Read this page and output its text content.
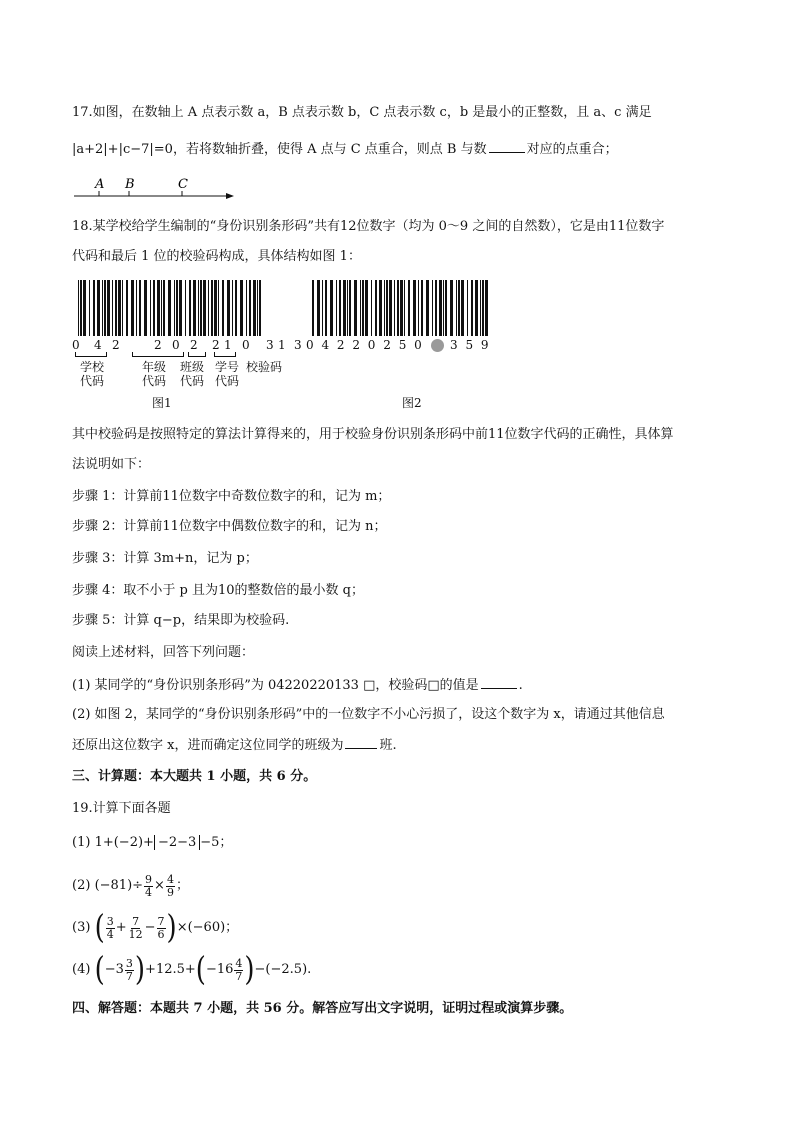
17.如图，在数轴上 A 点表示数 a，B 点表示数 b，C 点表示数 c，b 是最小的正整数，且 a、c 满足
|a+2|+|c−7|=0，若将数轴折叠，使得 A 点与 C 点重合，则点 B 与数	对应的点重合；
A B	C
18.某学校给学生编制的“身份识别条形码”共有12位数字（均为 0～9 之间的自然数），它是由11位数字
代码和最后 1 位的校验码构成，具体结构如图 1：
0 4 2	2 0 2 2 1 0 3 1 3
学校
代码
年级
代码
班级
代码
学号
代码
校验码
图1
0 4 2 2 0 2 5 0 3 5 9
图2
其中校验码是按照特定的算法计算得来的，用于校验身份识别条形码中前11位数字代码的正确性，具体算
法说明如下：
步骤 1：计算前11位数字中奇数位数字的和，记为 m；
步骤 2：计算前11位数字中偶数位数字的和，记为 n；
步骤 3：计算 3m+n，记为 p；
步骤 4：取不小于 p 且为10的整数倍的最小数 q；
步骤 5：计算 q−p，结果即为校验码.
阅读上述材料，回答下列问题：
(1) 某同学的“身份识别条形码”为 04220220133 □，校验码□的值是	.
(2) 如图 2，某同学的“身份识别条形码”中的一位数字不小心污损了，设这个数字为 x，请通过其他信息
还原出这位数字 x，进而确定这位同学的班级为	班.
三、计算题：本大题共 1 小题，共 6 分。
19.计算下面各题
(1) 1+(−2)+ −2−3 −5；
(2)
$(-81)\div \frac{9}{4} \times \frac{4}{9}$ ；
(3)
( $\frac{3}{4} + \frac{7}{12} - \frac{7}{6}$ ) ×(−60)；
(4)
( $-3 \frac{3}{7}$ ) +12.5+ ( $-16 \frac{4}{7}$ ) −(−2.5).
四、解答题：本题共 7 小题，共 56 分。解答应写出文字说明，证明过程或演算步骤。
